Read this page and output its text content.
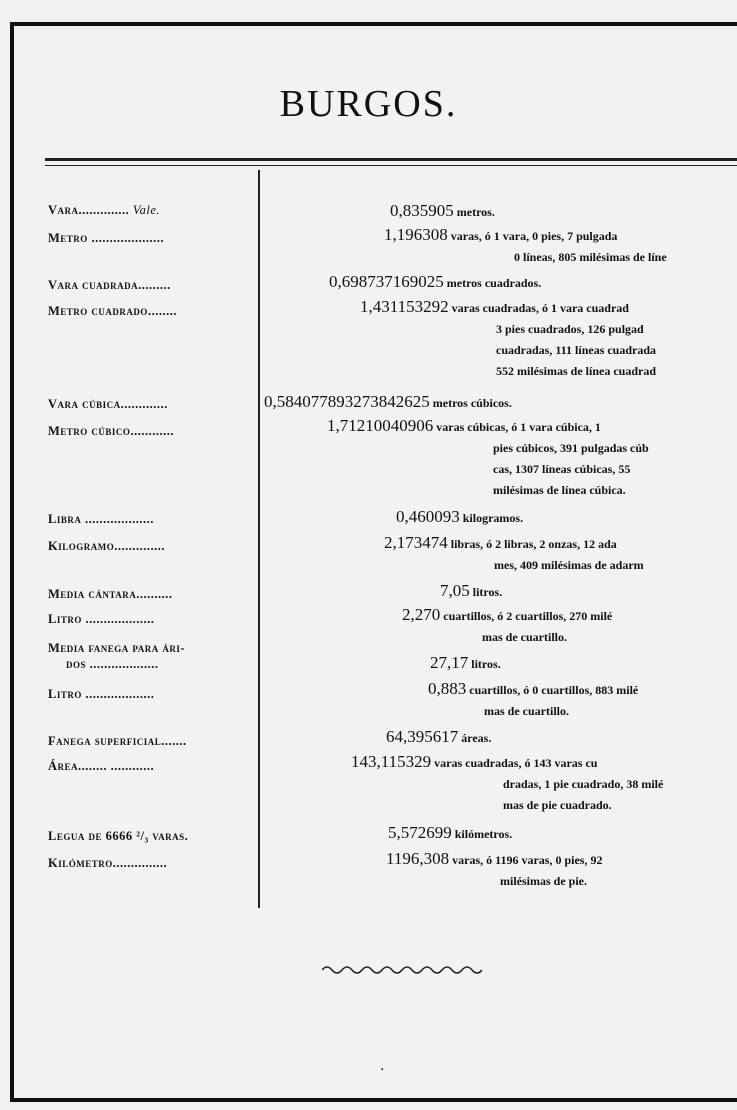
BURGOS.
Vara.............. Vale.
Metro ....................
Vara cuadrada.........
Metro cuadrado........
Vara cúbica.............
Metro cúbico............
Libra ...................
Kilogramo..............
Media cántara..........
Litro ...................
Media fanega para ári-
dos ...................
Litro ...................
Fanega superficial.......
Área........ ............
Legua de 6666 ²/₃ varas.
Kilómetro...............
0,835905 metros.
1,196308 varas, ó 1 vara, 0 pies, 7 pulgada
0 líneas, 805 milésimas de líne
0,698737169025 metros cuadrados.
1,431153292 varas cuadradas, ó 1 vara cuadrad
3 pies cuadrados, 126 pulgad
cuadradas, 111 líneas cuadrada
552 milésimas de línea cuadrad
0,584077893273842625 metros cúbicos.
1,71210040906 varas cúbicas, ó 1 vara cúbica, 1
pies cúbicos, 391 pulgadas cúb
cas, 1307 líneas cúbicas, 55
milésimas de línea cúbica.
0,460093 kilogramos.
2,173474 libras, ó 2 libras, 2 onzas, 12 ada
mes, 409 milésimas de adarm
7,05 litros.
2,270 cuartillos, ó 2 cuartillos, 270 milé
mas de cuartillo.
27,17 litros.
0,883 cuartillos, ó 0 cuartillos, 883 milé
mas de cuartillo.
64,395617 áreas.
143,115329 varas cuadradas, ó 143 varas cu
dradas, 1 pie cuadrado, 38 milé
mas de pie cuadrado.
5,572699 kilómetros.
1196,308 varas, ó 1196 varas, 0 pies, 92
milésimas de pie.
·
